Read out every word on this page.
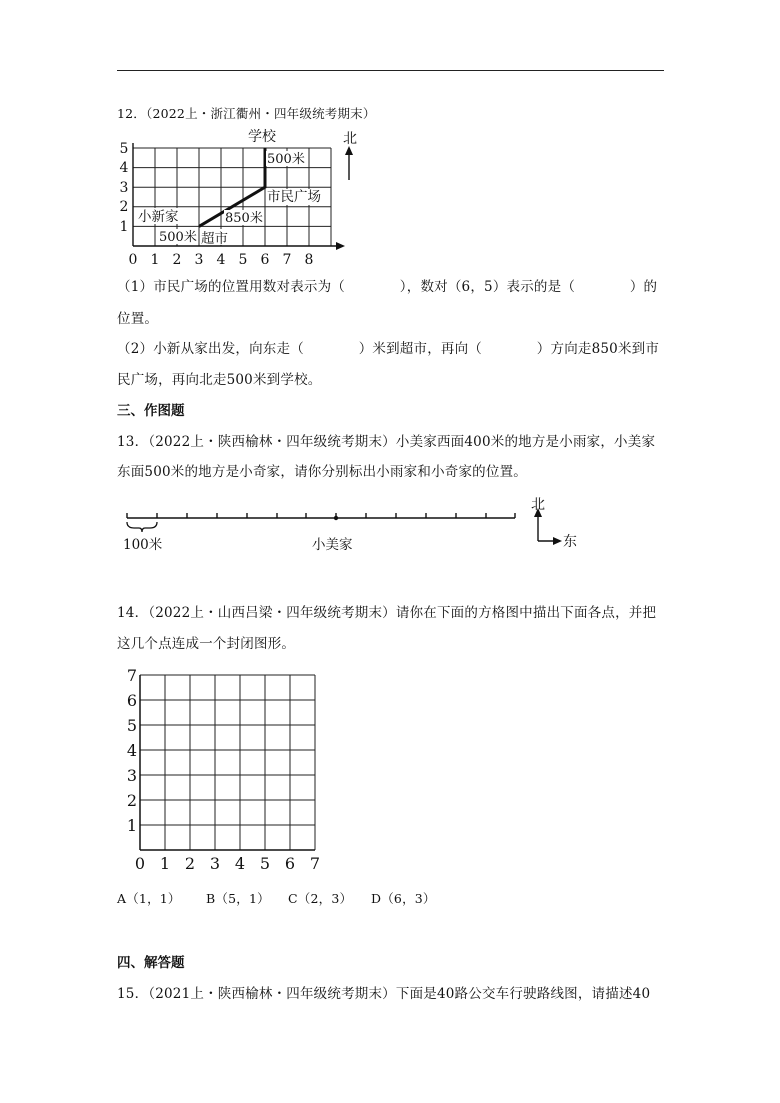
12．（2022上・浙江衢州・四年级统考期末）
北
0 1 2 3 4 5 6 7 8
1
2
3
4
5
学校
500米
市民广场
小新家	850米
500米 超市
（1）市民广场的位置用数对表示为（　　　　），数对（6，5）表示的是（　　　　）的
位置。
（2）小新从家出发，向东走（　　　　）米到超市，再向（　　　　）方向走850米到市
民广场，再向北走500米到学校。
三、作图题
13．（2022上・陕西榆林・四年级统考期末）小美家西面400米的地方是小雨家，小美家
东面500米的地方是小奇家，请你分别标出小雨家和小奇家的位置。
100米	小美家
北
东
14．（2022上・山西吕梁・四年级统考期末）请你在下面的方格图中描出下面各点，并把
这几个点连成一个封闭图形。
0 1 2 3 4 5 6 7
1
2
3
4
5
6
7
A（1，1） B（5，1） C（2，3） D（6，3）
四、解答题
15．（2021上・陕西榆林・四年级统考期末）下面是40路公交车行驶路线图，请描述40
